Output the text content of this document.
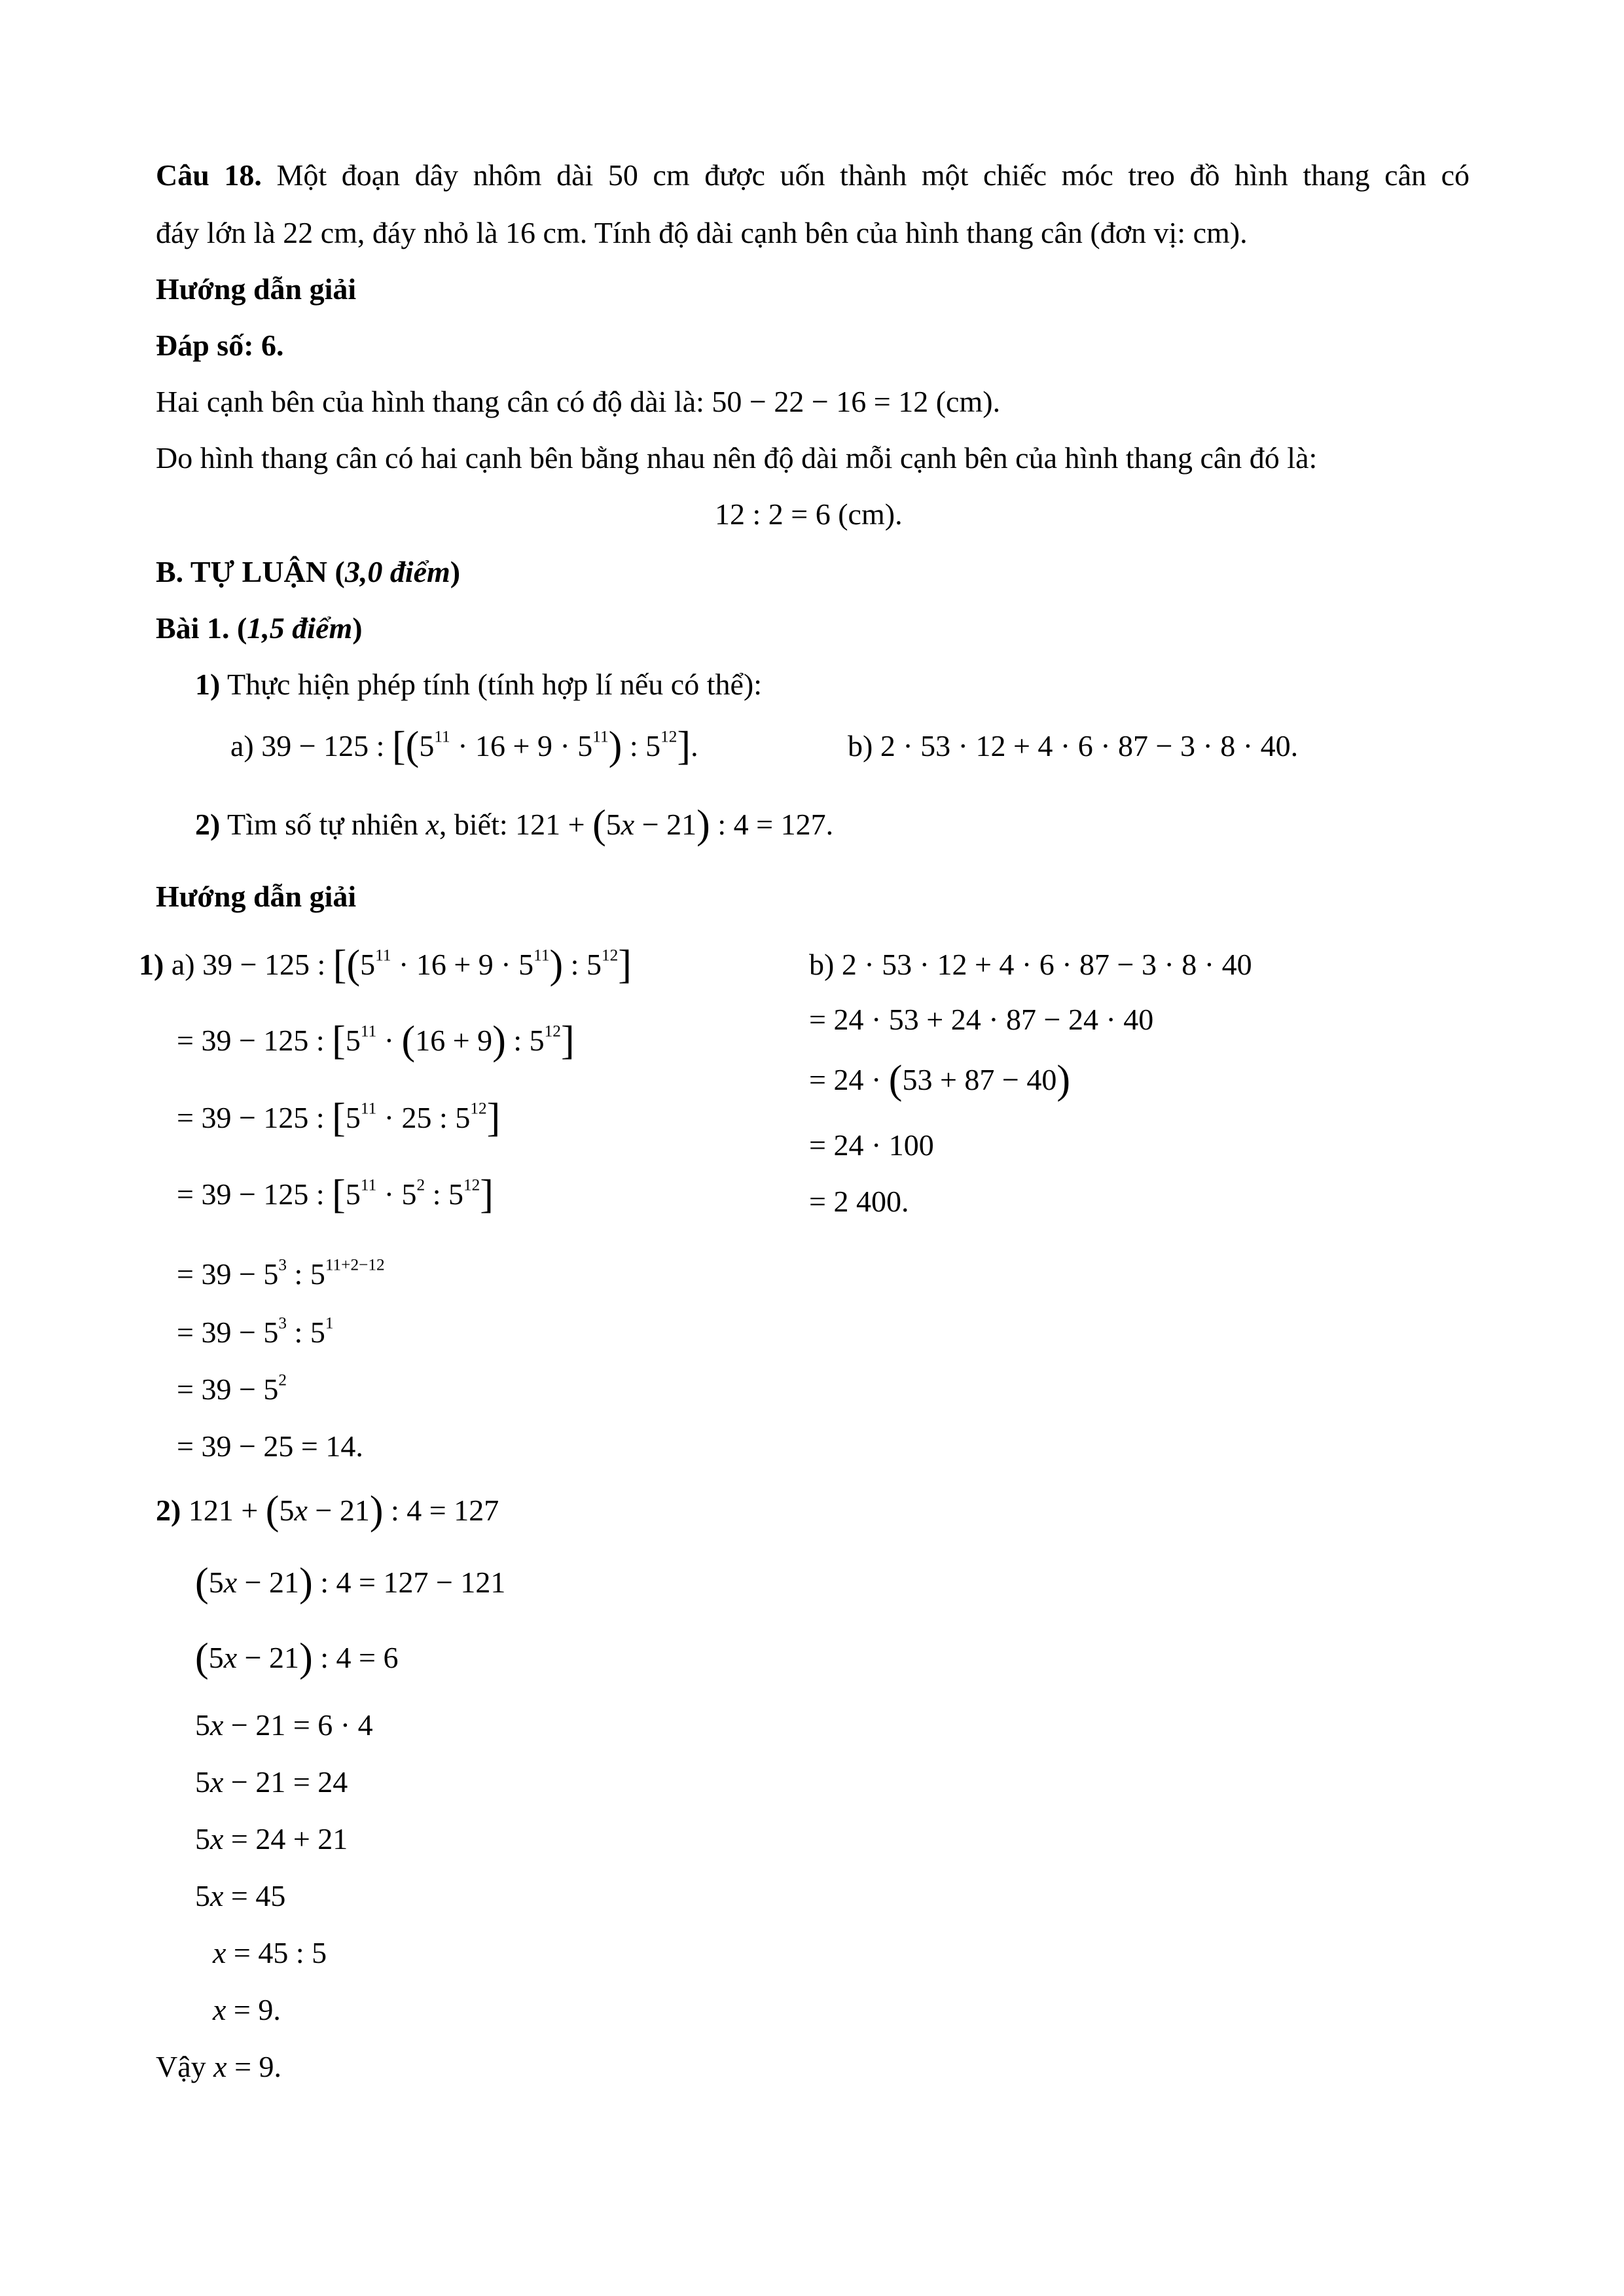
Câu 18. Một đoạn dây nhôm dài 50 cm được uốn thành một chiếc móc treo đồ hình thang cân có
đáy lớn là 22 cm, đáy nhỏ là 16 cm. Tính độ dài cạnh bên của hình thang cân (đơn vị: cm).
Hướng dẫn giải
Đáp số: 6.
Hai cạnh bên của hình thang cân có độ dài là: 50 − 22 − 16 = 12 (cm).
Do hình thang cân có hai cạnh bên bằng nhau nên độ dài mỗi cạnh bên của hình thang cân đó là:
12 : 2 = 6 (cm).
B. TỰ LUẬN (3,0 điểm)
Bài 1. (1,5 điểm)
1) Thực hiện phép tính (tính hợp lí nếu có thể):
a) 39 − 125 : [$(5^{11} \cdot 16 + 9 \cdot 5^{11})$ : $5^{12}$].	b) 2 · 53 · 12 + 4 · 6 · 87 − 3 · 8 · 40.
2) Tìm số tự nhiên x, biết: 121 + (5x − 21) : 4 = 127.
Hướng dẫn giải
1) a) 39 − 125 : [$(5^{11} \cdot 16 + 9 \cdot 5^{11})$ : $5^{12}$]
= 39 − 125 : [$5^{11} \cdot (16 + 9)$ : $5^{12}$]
= 39 − 125 : [$5^{11} \cdot 25$ : $5^{12}$]
= 39 − 125 : [$5^{11} \cdot 5^2$ : $5^{12}$]
= $39 - 5^3$ : $5^{11+2-12}$
= $39 - 5^3$ : $5^1$
= $39 - 5^2$
= 39 − 25 = 14.
b) 2 · 53 · 12 + 4 · 6 · 87 − 3 · 8 · 40
= 24 · 53 + 24 · 87 − 24 · 40
= 24 · (53 + 87 − 40)
= 24 · 100
= 2 400.
2) 121 + (5x − 21) : 4 = 127
(5x − 21) : 4 = 127 − 121
(5x − 21) : 4 = 6
5x − 21 = 6 · 4
5x − 21 = 24
5x = 24 + 21
5x = 45
x = 45 : 5
x = 9.
Vậy x = 9.
